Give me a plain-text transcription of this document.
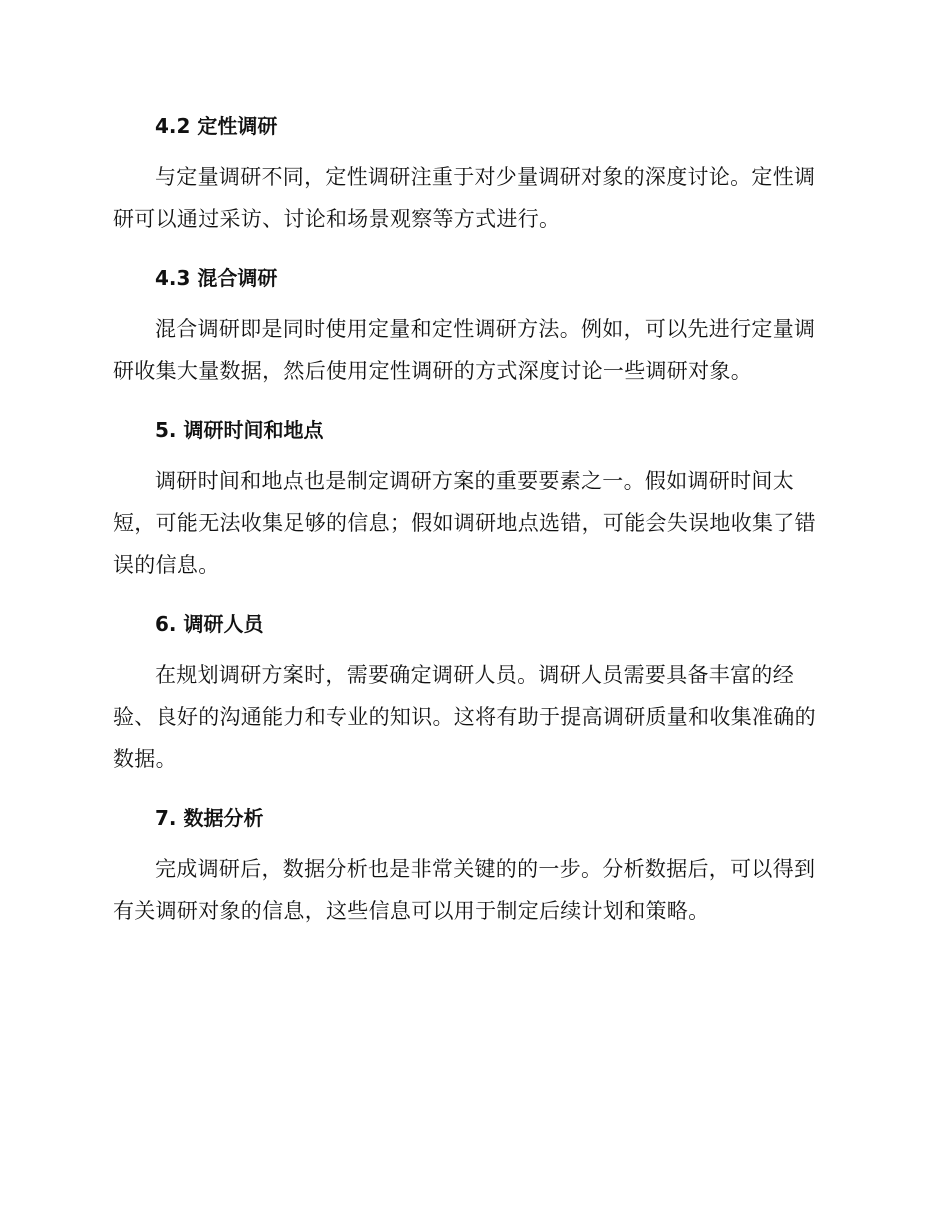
4.2 定性调研

与定量调研不同，定性调研注重于对少量调研对象的深度讨论。定性调研可以通过采访、讨论和场景观察等方式进行。

4.3 混合调研

混合调研即是同时使用定量和定性调研方法。例如，可以先进行定量调研收集大量数据，然后使用定性调研的方式深度讨论一些调研对象。

5. 调研时间和地点

调研时间和地点也是制定调研方案的重要要素之一。假如调研时间太短，可能无法收集足够的信息；假如调研地点选错，可能会失误地收集了错误的信息。

6. 调研人员

在规划调研方案时，需要确定调研人员。调研人员需要具备丰富的经验、良好的沟通能力和专业的知识。这将有助于提高调研质量和收集准确的数据。

7. 数据分析

完成调研后，数据分析也是非常关键的的一步。分析数据后，可以得到有关调研对象的信息，这些信息可以用于制定后续计划和策略。
